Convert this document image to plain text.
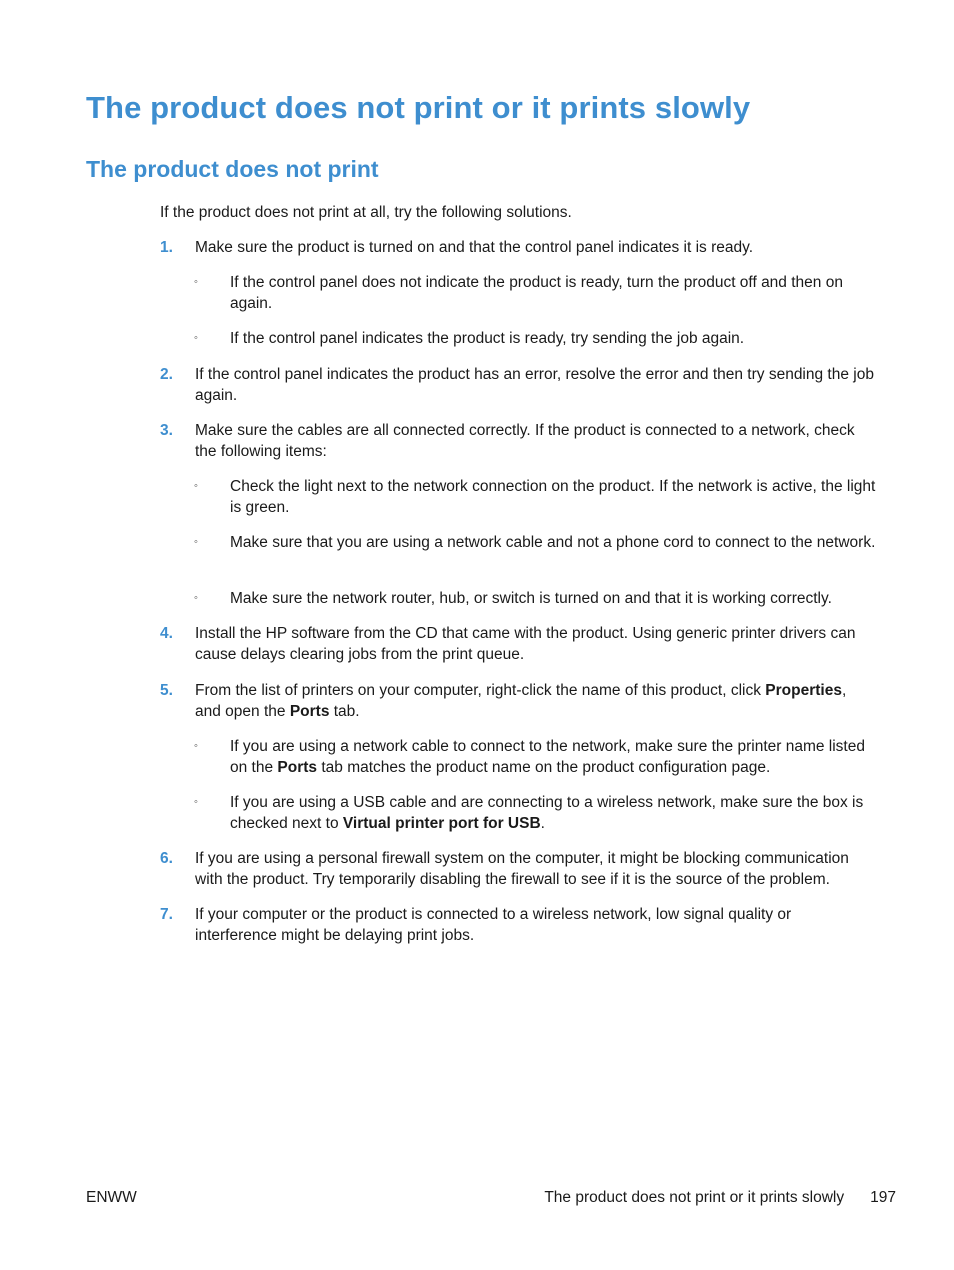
The product does not print or it prints slowly
The product does not print

If the product does not print at all, try the following solutions.

1.	Make sure the product is turned on and that the control panel indicates it is ready.
◦	If the control panel does not indicate the product is ready, turn the product off and then on again.
◦	If the control panel indicates the product is ready, try sending the job again.
2.	If the control panel indicates the product has an error, resolve the error and then try sending the job again.
3.	Make sure the cables are all connected correctly. If the product is connected to a network, check the following items:
◦	Check the light next to the network connection on the product. If the network is active, the light is green.
◦	Make sure that you are using a network cable and not a phone cord to connect to the network.
◦	Make sure the network router, hub, or switch is turned on and that it is working correctly.
4.	Install the HP software from the CD that came with the product. Using generic printer drivers can cause delays clearing jobs from the print queue.
5.	From the list of printers on your computer, right-click the name of this product, click Properties, and open the Ports tab.
◦	If you are using a network cable to connect to the network, make sure the printer name listed on the Ports tab matches the product name on the product configuration page.
◦	If you are using a USB cable and are connecting to a wireless network, make sure the box is checked next to Virtual printer port for USB.
6.	If you are using a personal firewall system on the computer, it might be blocking communication with the product. Try temporarily disabling the firewall to see if it is the source of the problem.
7.	If your computer or the product is connected to a wireless network, low signal quality or interference might be delaying print jobs.
ENWW	The product does not print or it prints slowly 197
